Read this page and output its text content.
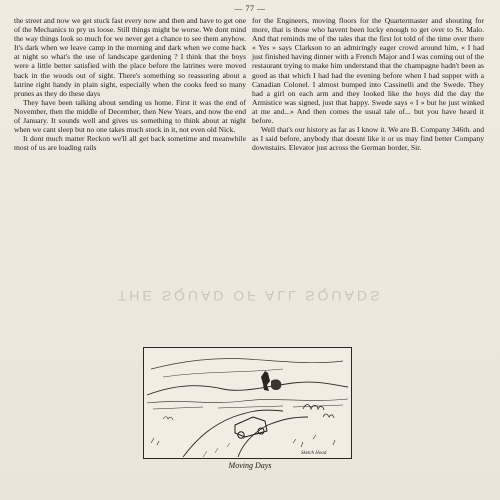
— 77 —

the street and now we get stuck fast every now and then and have to get one of the Mechanics to pry us loose. Still things might be worse. We dont mind the way things look so much for we never get a chance to see them anyhow. It's dark when we leave camp in the morning and dark when we come back at night so what's the use of landscape gardening ? I think that the boys were a little better satisfied with the place before the latrines were moved back in the woods out of sight. There's something so reassuring about a latrine right handy in plain sight, especially when the cooks feed so many prunes as they do these days

They have been talking about sending us home. First it was the end of November, then the middle of December, then New Years, and now the end of January. It sounds well and gives us something to think about at night when we cant sleep but no one takes much stock in it, not even old Nick.

It dont much matter Reckon we'll all get back sometime and meanwhile most of us are loading rails

for the Engineers, moving floors for the Quartermaster and shouting for more, that is those who havent been lucky enough to get over to St. Malo. And that reminds me of the tales that the first lot told of the time over there « Yes » says Clarkson to an admiringly eager crowd around him, « I had just finished having dinner with a French Major and I was coming out of the restaurant trying to make him understand that the champagne hadn't been as good as that which I had had the evening before when I had supper with a Canadian Colonel. I almost bumped into Cassinelli and the Swede. They had a girl on each arm and they looked like the boys did the day the Armistice was signed, just that happy. Swede says « I » but he just winked at me and...» And then comes the usual tale of... but you have heard it before.

Well that's our history as far as I know it. We are B. Company 346th. and as I said before, anybody that doesnt like it or us may find better Company downstairs. Elevator just across the German border, Sir.

THE SQUAD OF ALL SQUADS
Sketch Hood
Moving Days
